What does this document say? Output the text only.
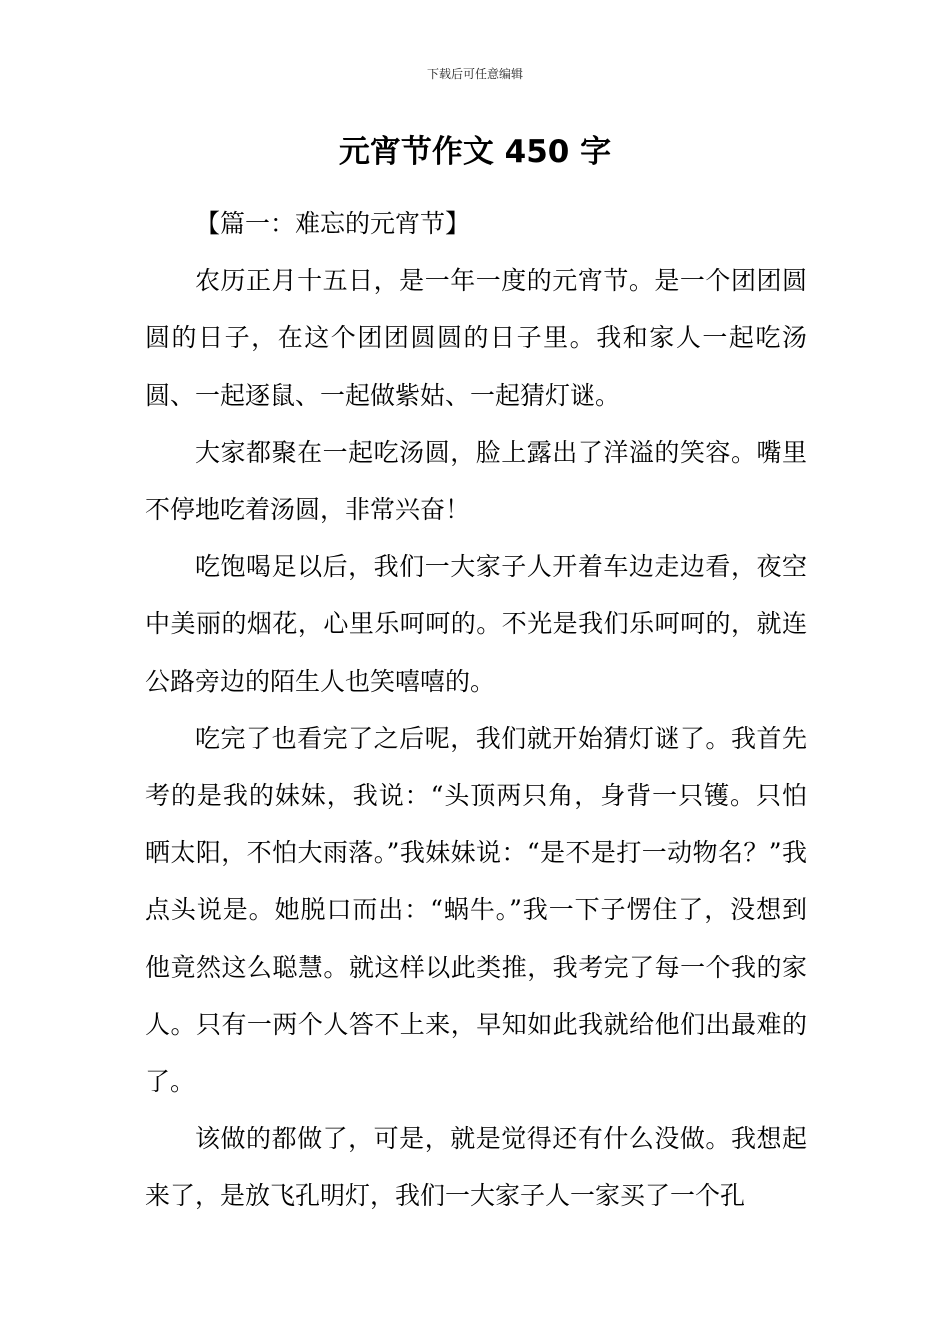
下载后可任意编辑
元宵节作文 450 字

【篇一：难忘的元宵节】

农历正月十五日，是一年一度的元宵节。是一个团团圆圆的日子，在这个团团圆圆的日子里。我和家人一起吃汤圆、一起逐鼠、一起做紫姑、一起猜灯谜。

大家都聚在一起吃汤圆，脸上露出了洋溢的笑容。嘴里不停地吃着汤圆，非常兴奋！

吃饱喝足以后，我们一大家子人开着车边走边看，夜空中美丽的烟花，心里乐呵呵的。不光是我们乐呵呵的，就连公路旁边的陌生人也笑嘻嘻的。

吃完了也看完了之后呢，我们就开始猜灯谜了。我首先考的是我的妹妹，我说：“头顶两只角，身背一只镬。只怕晒太阳，不怕大雨落。”我妹妹说：“是不是打一动物名？”我点头说是。她脱口而出：“蜗牛。”我一下子愣住了，没想到他竟然这么聪慧。就这样以此类推，我考完了每一个我的家人。只有一两个人答不上来，早知如此我就给他们出最难的了。

该做的都做了，可是，就是觉得还有什么没做。我想起来了，是放飞孔明灯，我们一大家子人一家买了一个孔
